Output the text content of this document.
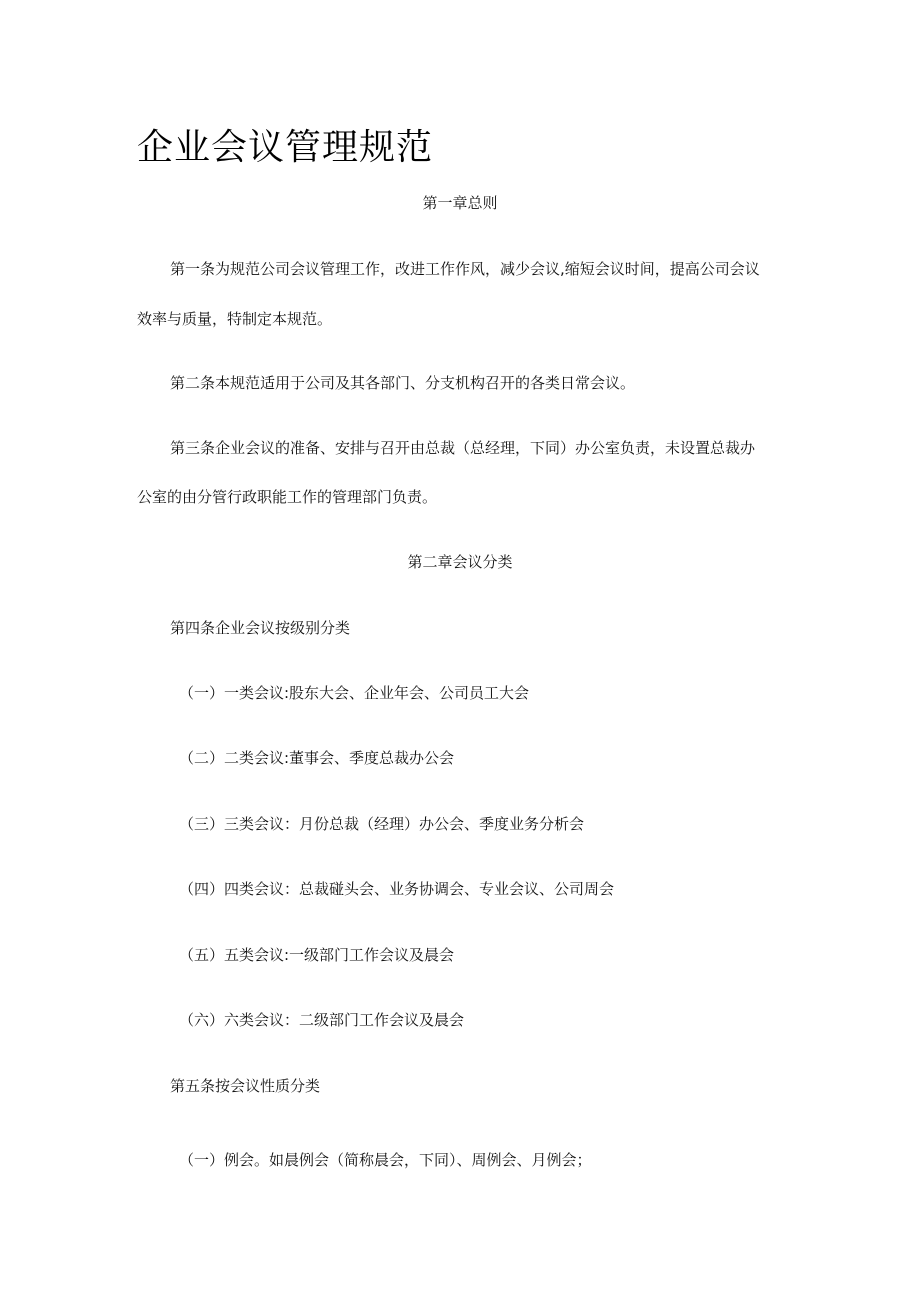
企业会议管理规范
第一章总则
第一条为规范公司会议管理工作，改进工作作风，减少会议,缩短会议时间，提高公司会议
效率与质量，特制定本规范。
第二条本规范适用于公司及其各部门、分支机构召开的各类日常会议。
第三条企业会议的准备、安排与召开由总裁（总经理，下同）办公室负责，未设置总裁办
公室的由分管行政职能工作的管理部门负责。
第二章会议分类
第四条企业会议按级别分类
（一）一类会议:股东大会、企业年会、公司员工大会
（二）二类会议:董事会、季度总裁办公会
（三）三类会议：月份总裁（经理）办公会、季度业务分析会
（四）四类会议：总裁碰头会、业务协调会、专业会议、公司周会
（五）五类会议:一级部门工作会议及晨会
（六）六类会议：二级部门工作会议及晨会
第五条按会议性质分类
（一）例会。如晨例会（简称晨会，下同）、周例会、月例会；
